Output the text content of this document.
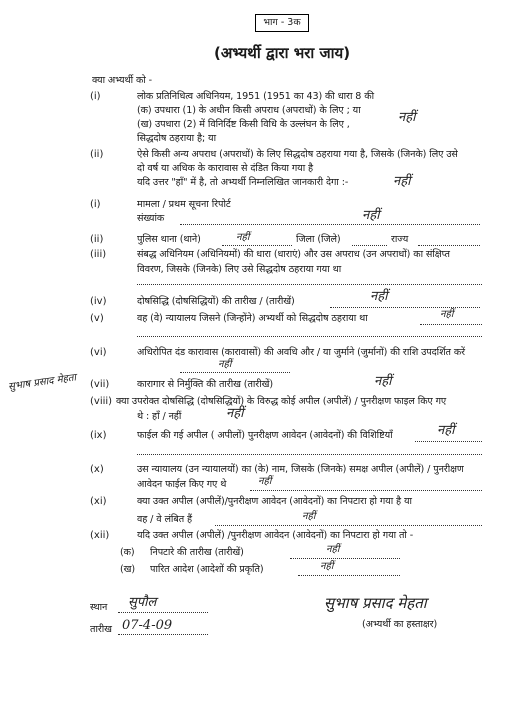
भाग - 3क
(अभ्यर्थी द्वारा भरा जाय)
क्या अभ्यर्थी को -
(i)	लोक प्रतिनिधित्व अधिनियम, 1951 (1951 का 43) की धारा 8 की
(क) उपधारा (1) के अधीन किसी अपराध (अपराधों) के लिए ; या
(ख) उपधारा (2) में विनिर्दिष्ट किसी विधि के उल्लंघन के लिए ,
सिद्धदोष ठहराया है; या
नहीं
(ii)	ऐसे किसी अन्य अपराध (अपराधों) के लिए सिद्धदोष ठहराया गया है, जिसके (जिनके) लिए उसे
दो वर्ष या अधिक के कारावास से दंडित किया गया है
यदि उत्तर "हाँ" में है, तो अभ्यर्थी निम्नलिखित जानकारी देगा :-	नहीं
(i)	मामला / प्रथम सूचना रिपोर्ट
संख्यांक	नहीं
(ii)	पुलिस थाना (थाने)	नहीं	जिला (जिले)	राज्य
(iii)	संबद्ध अधिनियम (अधिनियमों) की धारा (धाराएं) और उस अपराध (उन अपराधों) का संक्षिप्त
विवरण, जिसके (जिनके) लिए उसे सिद्धदोष ठहराया गया था
(iv)	दोषसिद्धि (दोषसिद्धियों) की तारीख / (तारीखें)	नहीं
(v)	वह (वे) न्यायालय जिसने (जिन्होंने) अभ्यर्थी को सिद्धदोष ठहराया था	नहीं
(vi)	अधिरोपित दंड कारावास (कारावासों) की अवधि और / या जुर्माने (जुर्मानों) की राशि उपदर्शित करें
नहीं
(vii)	कारागार से निर्मुक्ति की तारीख (तारीखें)	नहीं
सुभाष प्रसाद मेहता
(viii) क्या उपरोक्त दोषसिद्धि (दोषसिद्धियों) के विरुद्ध कोई अपील (अपीलें) / पुनरीक्षण फाइल किए गए
थे : हाँ / नहीं	नहीं
(ix)	फाईल की गई अपील ( अपीलों) पुनरीक्षण आवेदन (आवेदनों) की विशिष्टियाँ	नहीं
(x)	उस न्यायालय (उन न्यायालयों) का (के) नाम, जिसके (जिनके) समक्ष अपील (अपीलें) / पुनरीक्षण
आवेदन फाईल किए गए थे	नहीं
(xi)	क्या उक्त अपील (अपीलें)/पुनरीक्षण आवेदन (आवेदनों) का निपटारा हो गया है या
वह / वे लंबित हैं	नहीं
(xii)	यदि उक्त अपील (अपीलें) /पुनरीक्षण आवेदन (आवेदनों) का निपटारा हो गया तो -
(क) निपटारे की तारीख (तारीखें)	नहीं
(ख) पारित आदेश (आदेशों की प्रकृति)	नहीं
स्थान सुपौल
तारीख 07-4-09
सुभाष प्रसाद मेहता
(अभ्यर्थी का हस्ताक्षर)
